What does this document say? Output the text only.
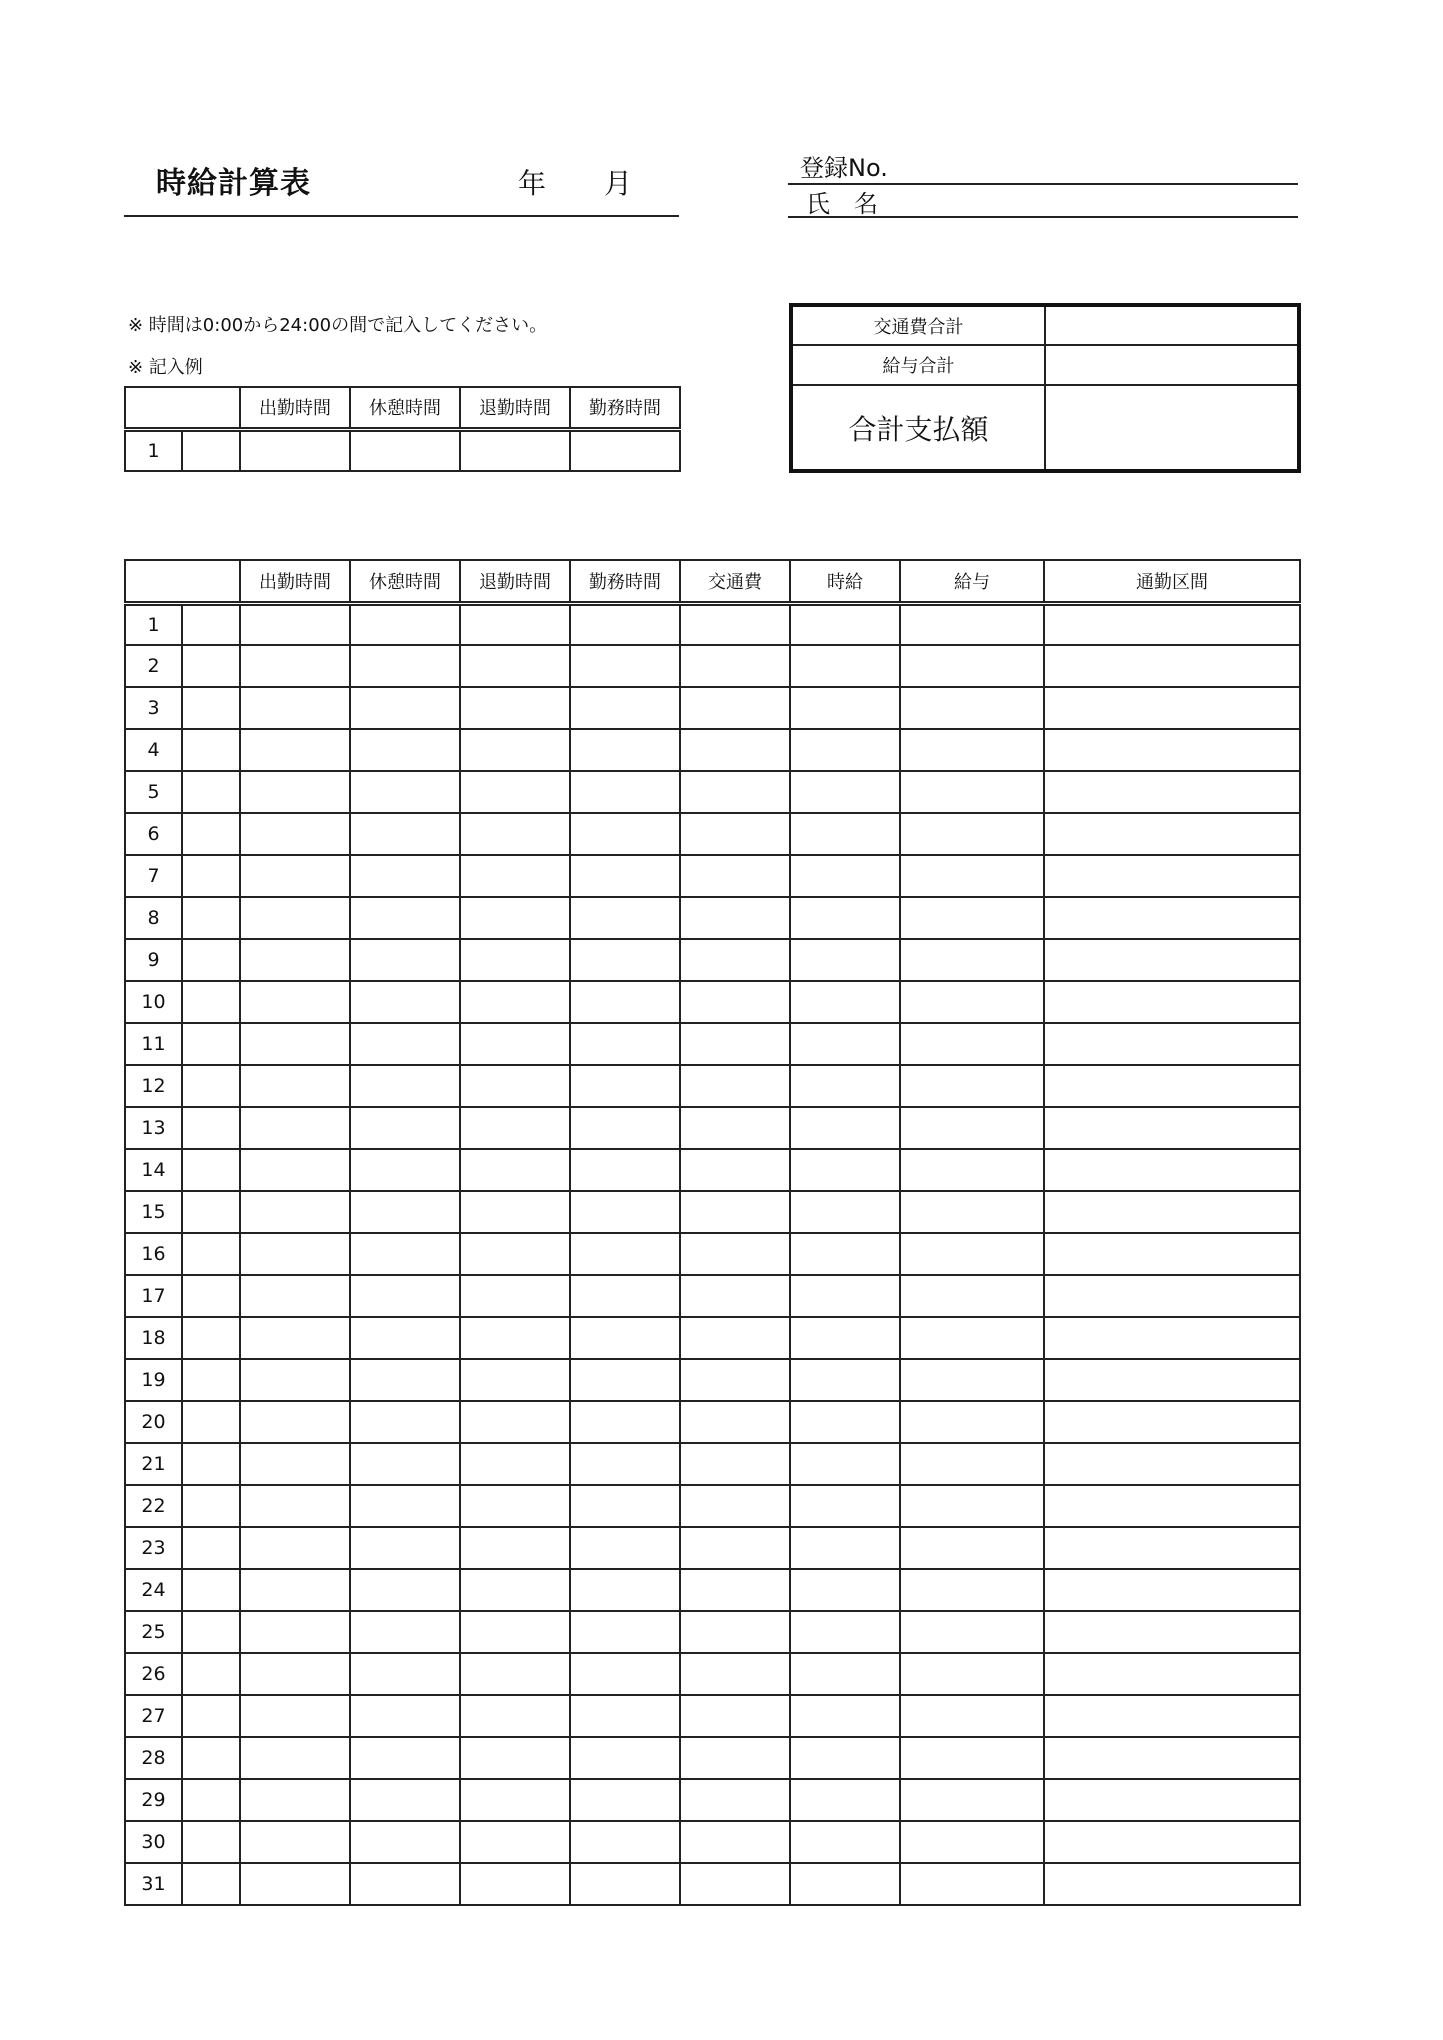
時給計算表	年 月	登録No.
氏　名
※ 時間は0:00から24:00の間で記入してください。
※ 記入例
		出勤時間	休憩時間	退勤時間	勤務時間
1					
交通費合計	
給与合計	
合計支払額	
		出勤時間	休憩時間	退勤時間	勤務時間	交通費	時給	給与	通勤区間
1									
2									
3									
4									
5									
6									
7									
8									
9									
10									
11									
12									
13									
14									
15									
16									
17									
18									
19									
20									
21									
22									
23									
24									
25									
26									
27									
28									
29									
30									
31									
